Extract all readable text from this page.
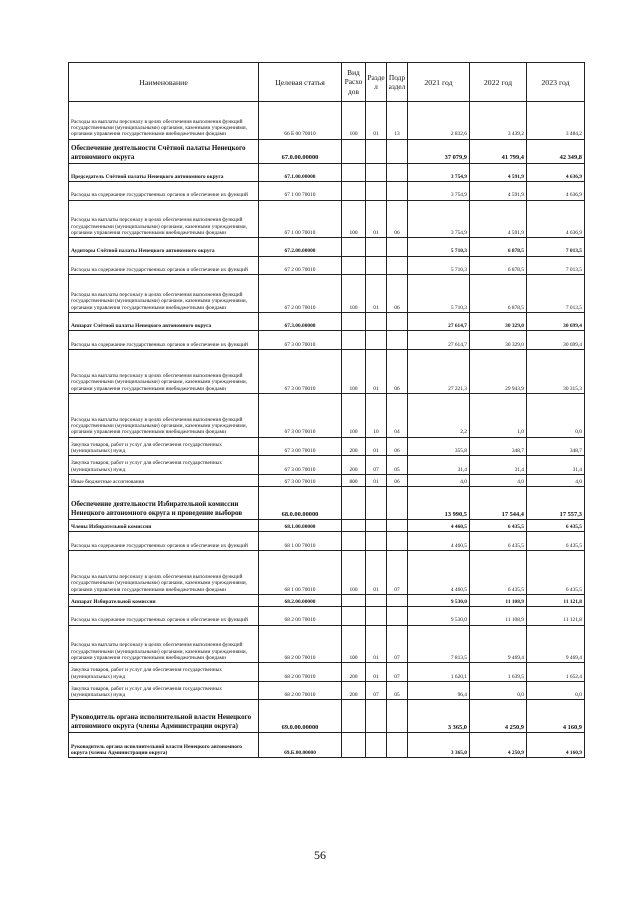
Наименование	Целевая статья	Вид Расхо дов	Разде л	Подр аздел	2021 год	2022 год	2023 год
Расходы на выплаты персоналу в целях обеспечения выполнения функций государственными (муниципальными) органами, казенными учреждениями, органами управления государственными внебюджетными фондами	66 Б 00 70010	100	01	13	2 832,6	3 439,2	3 484,2
Обеспечение деятельности Счётной палаты Ненецкого автономного округа	67.0.00.00000				37 079,9	41 799,4	42 349,8
Председатель Счётной палаты Ненецкого автономного округа	67.1.00.00000				3 754,9	4 591,9	4 636,9
Расходы на содержание государственных органов и обеспечение их функций	67 1 00 70010				3 754,9	4 591,9	4 636,9
Расходы на выплаты персоналу в целях обеспечения выполнения функций государственными (муниципальными) органами, казенными учреждениями, органами управления государственными внебюджетными фондами	67 1 00 70010	100	01	06	3 754,9	4 591,9	4 636,9
Аудиторы Счётной палаты Ненецкого автономного округа	67.2.00.00000				5 710,3	6 878,5	7 013,5
Расходы на содержание государственных органов и обеспечение их функций	67 2 00 70010				5 710,3	6 878,5	7 013,5
Расходы на выплаты персоналу в целях обеспечения выполнения функций государственными (муниципальными) органами, казенными учреждениями, органами управления государственными внебюджетными фондами	67 2 00 70010	100	01	06	5 710,3	6 878,5	7 013,5
Аппарат Счётной палаты Ненецкого автономного округа	67.3.00.00000				27 614,7	30 329,0	30 699,4
Расходы на содержание государственных органов и обеспечение их функций	67 3 00 70010				27 614,7	30 329,0	30 699,4
Расходы на выплаты персоналу в целях обеспечения выполнения функций государственными (муниципальными) органами, казенными учреждениями, органами управления государственными внебюджетными фондами	67 3 00 70010	100	01	06	27 221,3	29 943,9	30 315,3
Расходы на выплаты персоналу в целях обеспечения выполнения функций государственными (муниципальными) органами, казенными учреждениями, органами управления государственными внебюджетными фондами	67 3 00 70010	100	10	04	2,2	1,0	0,0
Закупка товаров, работ и услуг для обеспечения государственных (муниципальных) нужд	67 3 00 70010	200	01	06	355,8	348,7	348,7
Закупка товаров, работ и услуг для обеспечения государственных (муниципальных) нужд	67 3 00 70010	200	07	05	31,4	31,4	31,4
Иные бюджетные ассигнования	67 3 00 70010	800	01	06	4,0	4,0	4,0
Обеспечение деятельности Избирательной комиссии Ненецкого автономного округа и проведение выборов	68.0.00.00000				13 990,5	17 544,4	17 557,3
Члены Избирательной комиссии	68.1.00.00000				4 460,5	6 435,5	6 435,5
Расходы на содержание государственных органов и обеспечение их функций	68 1 00 70010				4 460,5	6 435,5	6 435,5
Расходы на выплаты персоналу в целях обеспечения выполнения функций государственными (муниципальными) органами, казенными учреждениями, органами управления государственными внебюджетными фондами	68 1 00 70010	100	01	07	4 460,5	6 435,5	6 435,5
Аппарат Избирательной комиссии	68.2.00.00000				9 530,0	11 108,9	11 121,8
Расходы на содержание государственных органов и обеспечение их функций	68 2 00 70010				9 530,0	11 108,9	11 121,8
Расходы на выплаты персоналу в целях обеспечения выполнения функций государственными (муниципальными) органами, казенными учреждениями, органами управления государственными внебюджетными фондами	68 2 00 70010	100	01	07	7 813,5	9 469,4	9 469,4
Закупка товаров, работ и услуг для обеспечения государственных (муниципальных) нужд	68 2 00 70010	200	01	07	1 620,1	1 639,5	1 652,4
Закупка товаров, работ и услуг для обеспечения государственных (муниципальных) нужд	68 2 00 70010	200	07	05	96,4	0,0	0,0
Руководитель органа исполнительной власти Ненецкого автономного округа (члены Администрации округа)	69.0.00.00000				3 365,0	4 250,9	4 160,9
Руководитель органа исполнительной власти Ненецкого автономного округа (члены Администрации округа)	69.Б.00.00000				3 365,0	4 250,9	4 160,9
56
